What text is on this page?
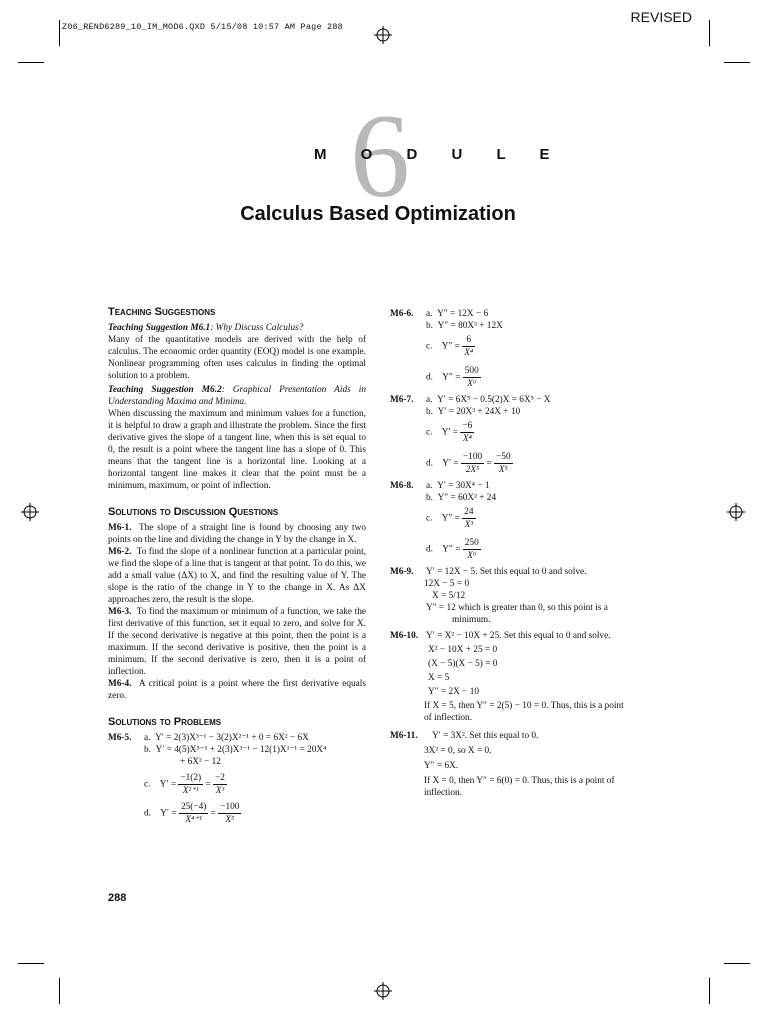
Z06_REND6289_10_IM_MOD6.QXD 5/15/08 10:57 AM Page 288
REVISED
6
M O D U L E
Calculus Based Optimization
Teaching Suggestions

Teaching Suggestion M6.1: Why Discuss Calculus?

Many of the quantitative models are derived with the help of calculus. The economic order quantity (EOQ) model is one example. Nonlinear programming often uses calculus in finding the optimal solution to a problem.

Teaching Suggestion M6.2: Graphical Presentation Aids in Understanding Maxima and Minima.

When discussing the maximum and minimum values for a function, it is helpful to draw a graph and illustrate the problem. Since the first derivative gives the slope of a tangent line, when this is set equal to 0, the result is a point where the tangent line has a slope of 0. This means that the tangent line is a horizontal line. Looking at a horizontal tangent line makes it clear that the point must be a minimum, maximum, or point of inflection.

Solutions to Discussion Questions

M6-1. The slope of a straight line is found by choosing any two points on the line and dividing the change in Y by the change in X.

M6-2. To find the slope of a nonlinear function at a particular point, we find the slope of a line that is tangent at that point. To do this, we add a small value (ΔX) to X, and find the resulting value of Y. The slope is the ratio of the change in Y to the change in X. As ΔX approaches zero, the result is the slope.

M6-3. To find the maximum or minimum of a function, we take the first derivative of this function, set it equal to zero, and solve for X. If the second derivative is negative at this point, then the point is a maximum. If the second derivative is positive, then the point is a minimum. If the second derivative is zero, then it is a point of inflection.

M6-4. A critical point is a point where the first derivative equals zero.

Solutions to Problems
M6-5. a.  Y′ = 2(3)X³⁻¹ − 3(2)X²⁻¹ + 0 = 6X² − 6X
b.  Y′ = 4(5)X⁵⁻¹ + 2(3)X³⁻¹ − 12(1)X¹⁻¹ = 20X⁴
+ 6X² − 12
c.    $Y' = \frac{-1(2)}{\text{X²⁺¹}} = \frac{-2}{\text{X³}}$
d.    $Y' = \frac{25(-4)}{\text{X⁴⁺¹}} = \frac{-100}{\text{X⁵}}$
M6-6. a.  Y″ = 12X − 6
b.  Y″ = 80X³ + 12X
c.    $Y'' = \frac{6}{\text{X⁴}}$
d.    $Y'' = \frac{500}{\text{X⁶}}$
M6-7. a.  Y′ = 6X⁵ − 0.5(2)X = 6X⁵ − X
b.  Y′ = 20X³ + 24X + 10
c.    $Y' = \frac{-6}{\text{X⁴}}$
d.    $Y' = \frac{-100}{\text{2X⁵}} = \frac{-50}{\text{X⁵}}$
M6-8. a.  Y′ = 30X⁴ − 1
b.  Y″ = 60X² + 24
c.    $Y'' = \frac{24}{\text{X³}}$
d.    $Y'' = \frac{250}{\text{X⁶}}$
M6-9. Y′ = 12X − 5. Set this equal to 0 and solve.
12X − 5 = 0
X = 5/12
Y″ = 12 which is greater than 0, so this point is a
minimum.
M6-10. Y′ = X² − 10X + 25. Set this equal to 0 and solve.
X² − 10X + 25 = 0
(X − 5)(X − 5) = 0
X = 5
Y″ = 2X − 10
If X = 5, then Y″ = 2(5) − 10 = 0. Thus, this is a point
of inflection.
M6-11. Y′ = 3X². Set this equal to 0.
3X² = 0, so X = 0.
Y″ = 6X.
If X = 0, then Y″ = 6(0) = 0. Thus, this is a point of
inflection.
288
